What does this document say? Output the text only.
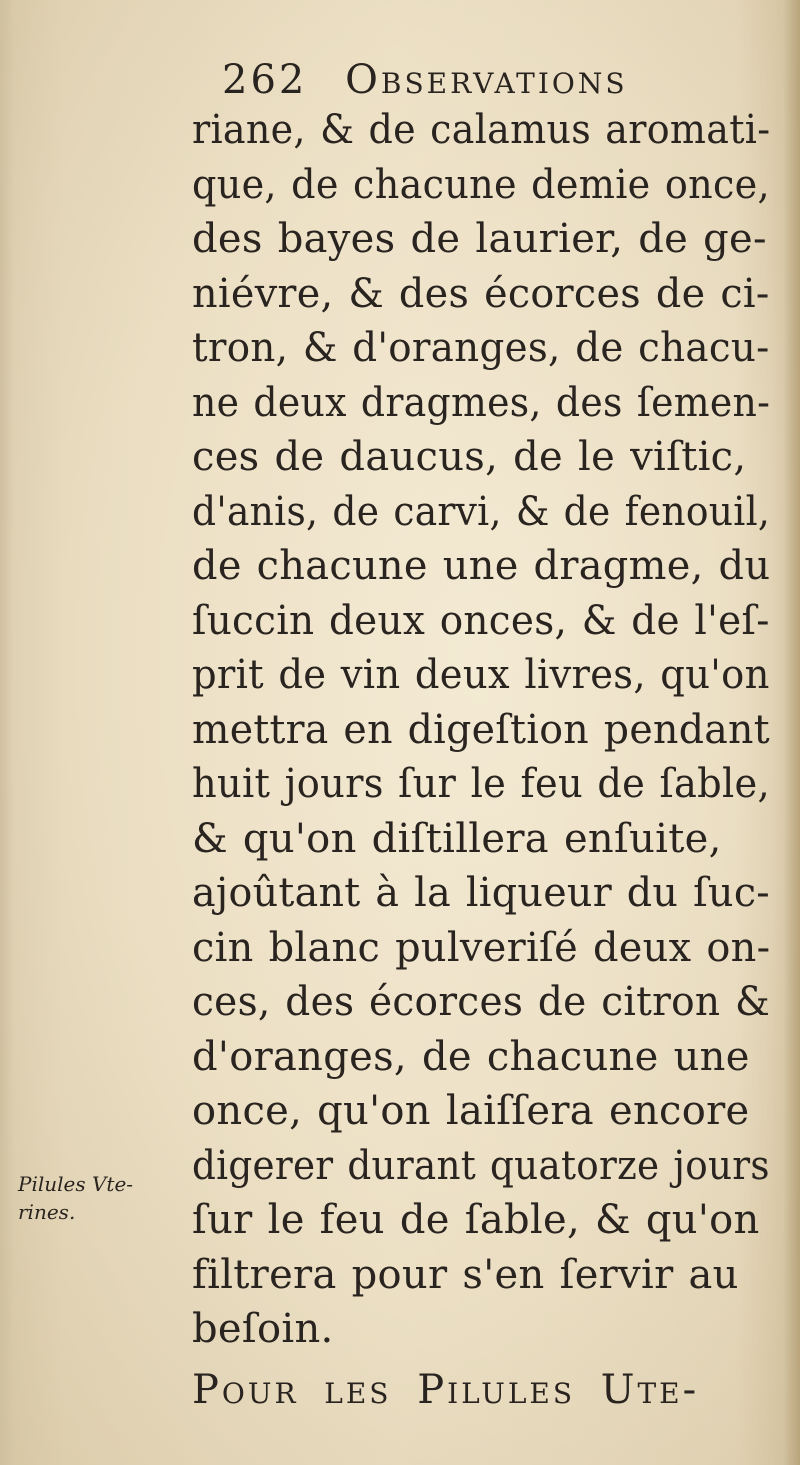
262 Observations
riane, & de calamus aromati-
que, de chacune demie once,
des bayes de laurier, de ge-
niévre, & des écorces de ci-
tron, & d'oranges, de chacu-
ne deux dragmes, des ſemen-
ces de daucus, de le viſtic,
d'anis, de carvi, & de fenouil,
de chacune une dragme, du
ſuccin deux onces, & de l'eſ-
prit de vin deux livres, qu'on
mettra en digeſtion pendant
huit jours ſur le feu de ſable,
& qu'on diſtillera enſuite,
ajoûtant à la liqueur du ſuc-
cin blanc pulveriſé deux on-
ces, des écorces de citron &
d'oranges, de chacune une
once, qu'on laiſſera encore
digerer durant quatorze jours
ſur le feu de ſable, & qu'on
filtrera pour s'en ſervir au
beſoin.
Pour les Pilules Ute-
Pilules Vte-
rines.
